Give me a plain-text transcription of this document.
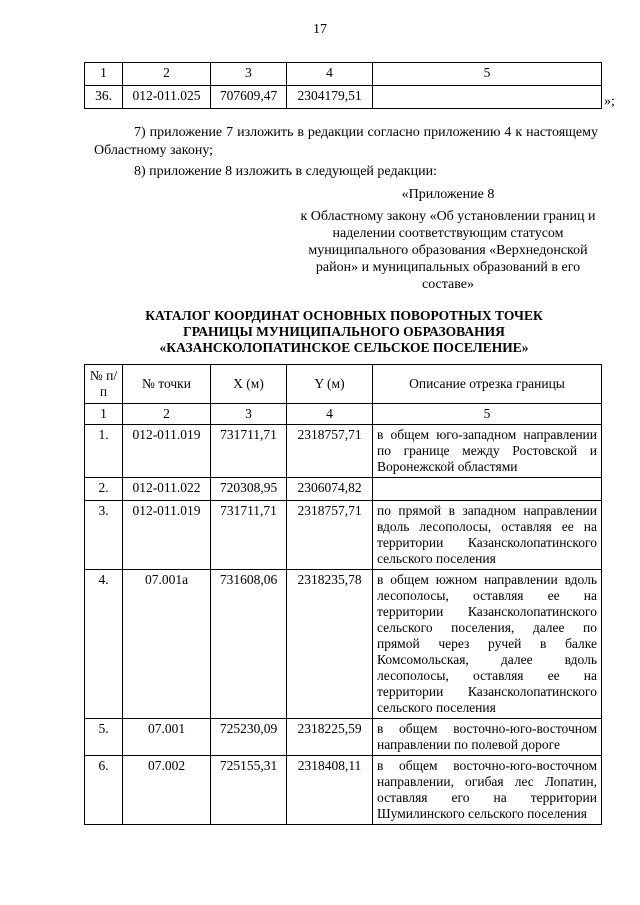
17
1	2	3	4	5
36.	012-011.025	707609,47	2304179,51		»;
7) приложение 7 изложить в редакции согласно приложению 4 к настоящему Областному закону;
8) приложение 8 изложить в следующей редакции:
«Приложение 8
к Областному закону «Об установлении границ и наделении соответствующим статусом муниципального образования «Верхнедонской район» и муниципальных образований в его составе»
КАТАЛОГ КООРДИНАТ ОСНОВНЫХ ПОВОРОТНЫХ ТОЧЕК
ГРАНИЦЫ МУНИЦИПАЛЬНОГО ОБРАЗОВАНИЯ
«КАЗАНСКОЛОПАТИНСКОЕ СЕЛЬСКОЕ ПОСЕЛЕНИЕ»
№ п/п	№ точки	X (м)	Y (м)	Описание отрезка границы
1	2	3	4	5
1.	012-011.019	731711,71	2318757,71	в общем юго-западном направлении по границе между Ростовской и Воронежской областями
2.	012-011.022	720308,95	2306074,82	
3.	012-011.019	731711,71	2318757,71	по прямой в западном направлении вдоль лесополосы, оставляя ее на территории Казансколопатинского сельского поселения
4.	07.001а	731608,06	2318235,78	в общем южном направлении вдоль лесополосы, оставляя ее на территории Казансколопатинского сельского поселения, далее по прямой через ручей в балке Комсомольская, далее вдоль лесополосы, оставляя ее на территории Казансколопатинского сельского поселения
5.	07.001	725230,09	2318225,59	в общем восточно-юго-восточном направлении по полевой дороге
6.	07.002	725155,31	2318408,11	в общем восточно-юго-восточном направлении, огибая лес Лопатин, оставляя его на территории Шумилинского сельского поселения
